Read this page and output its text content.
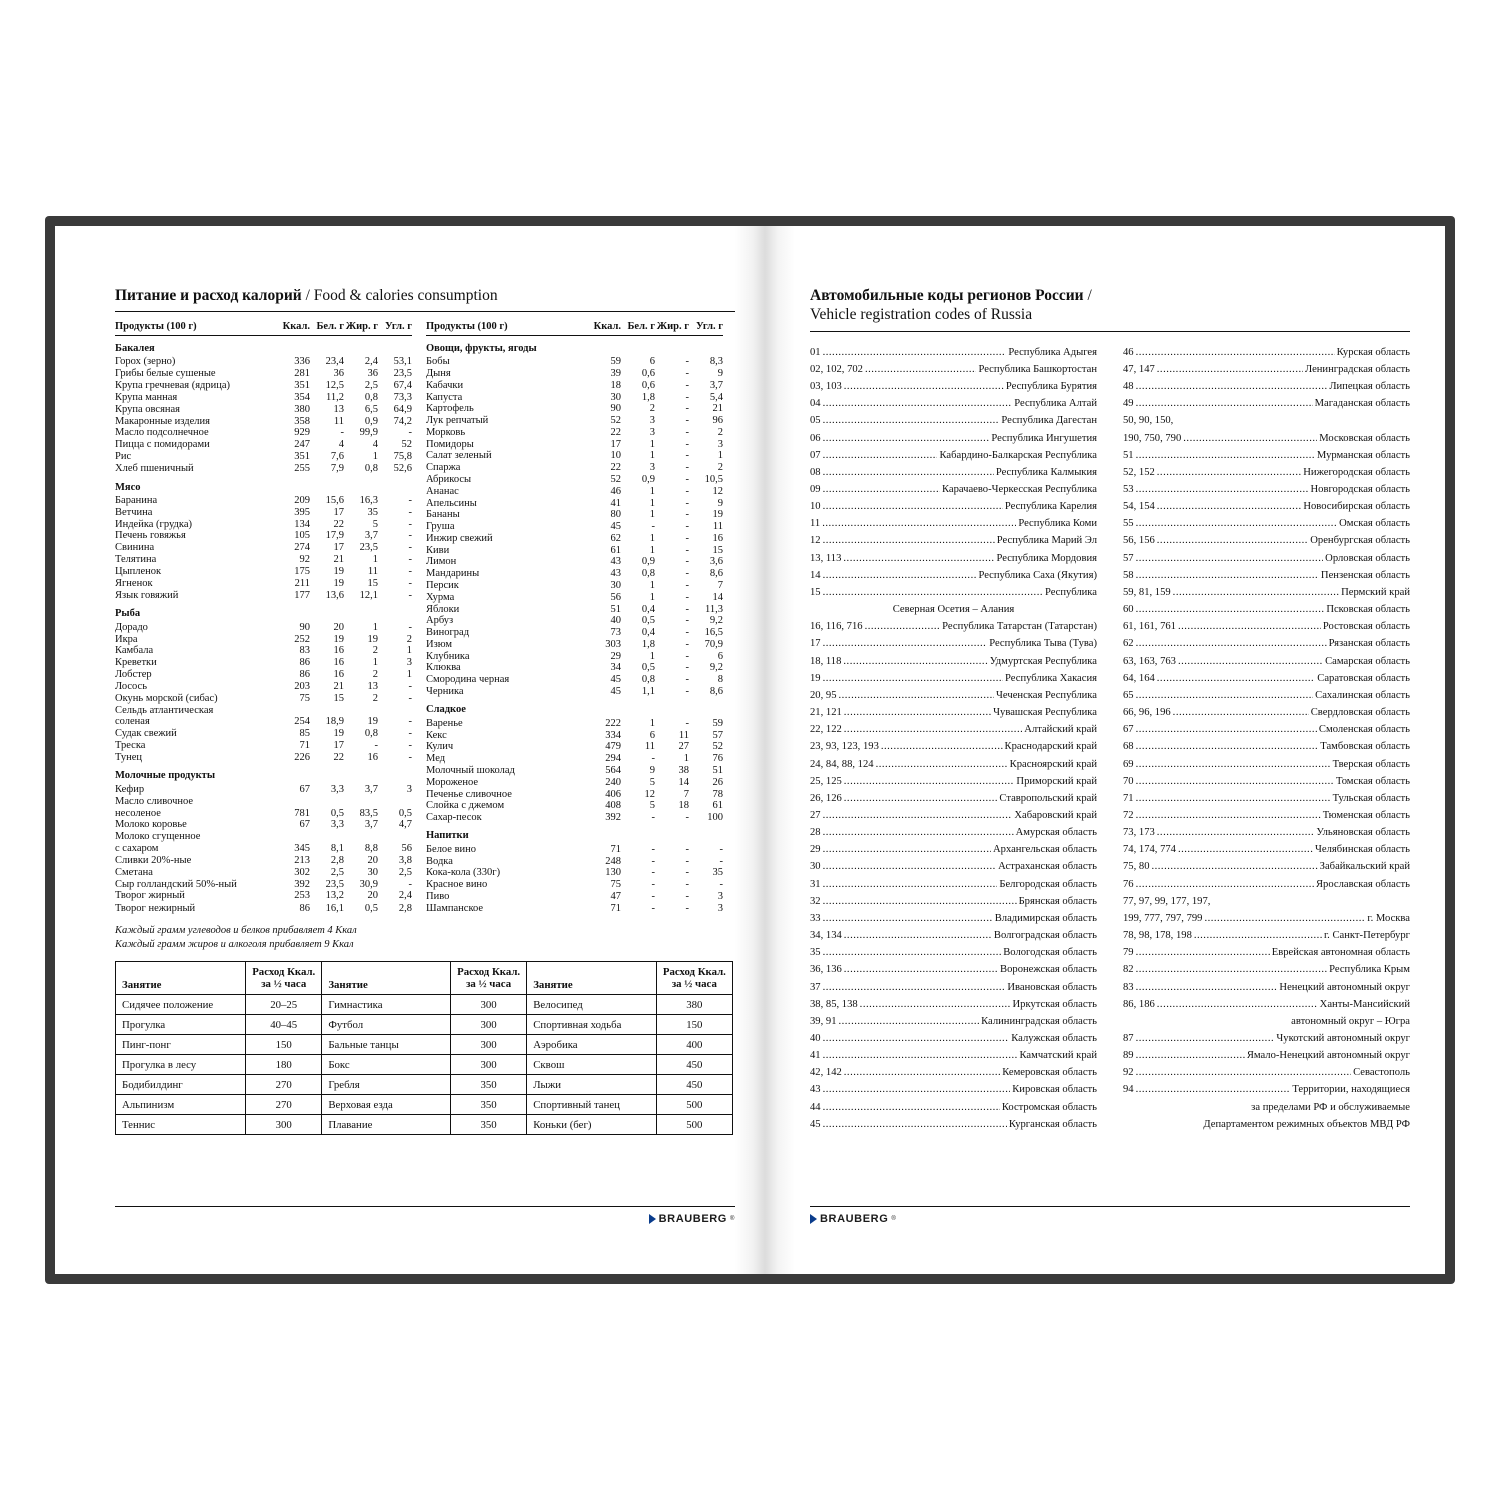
Питание и расход калорий / Food & calories consumption
Продукты (100 г)	Ккал.	Бел. г	Жир. г	Угл. г
Бакалея				
Горох (зерно)	336	23,4	2,4	53,1
Грибы белые сушеные	281	36	36	23,5
Крупа гречневая (ядрица)	351	12,5	2,5	67,4
Крупа манная	354	11,2	0,8	73,3
Крупа овсяная	380	13	6,5	64,9
Макаронные изделия	358	11	0,9	74,2
Масло подсолнечное	929	-	99,9	-
Пицца с помидорами	247	4	4	52
Рис	351	7,6	1	75,8
Хлеб пшеничный	255	7,9	0,8	52,6
Мясо				
Баранина	209	15,6	16,3	-
Ветчина	395	17	35	-
Индейка (грудка)	134	22	5	-
Печень говяжья	105	17,9	3,7	-
Свинина	274	17	23,5	-
Телятина	92	21	1	-
Цыпленок	175	19	11	-
Ягненок	211	19	15	-
Язык говяжий	177	13,6	12,1	-
Рыба				
Дорадо	90	20	1	-
Икра	252	19	19	2
Камбала	83	16	2	1
Креветки	86	16	1	3
Лобстер	86	16	2	1
Лосось	203	21	13	-
Окунь морской (сибас)	75	15	2	-
Сельдь атлантическая				
соленая	254	18,9	19	-
Судак свежий	85	19	0,8	-
Треска	71	17	-	-
Тунец	226	22	16	-
Молочные продукты				
Кефир	67	3,3	3,7	3
Масло сливочное				
несоленое	781	0,5	83,5	0,5
Молоко коровье	67	3,3	3,7	4,7
Молоко сгущенное				
с сахаром	345	8,1	8,8	56
Сливки 20%-ные	213	2,8	20	3,8
Сметана	302	2,5	30	2,5
Сыр голландский 50%-ный	392	23,5	30,9	-
Творог жирный	253	13,2	20	2,4
Творог нежирный	86	16,1	0,5	2,8
Продукты (100 г)	Ккал.	Бел. г	Жир. г	Угл. г
Овощи, фрукты, ягоды				
Бобы	59	6	-	8,3
Дыня	39	0,6	-	9
Кабачки	18	0,6	-	3,7
Капуста	30	1,8	-	5,4
Картофель	90	2	-	21
Лук репчатый	52	3	-	96
Морковь	22	3	-	2
Помидоры	17	1	-	3
Салат зеленый	10	1	-	1
Спаржа	22	3	-	2
Абрикосы	52	0,9	-	10,5
Ананас	46	1	-	12
Апельсины	41	1	-	9
Бананы	80	1	-	19
Груша	45	-	-	11
Инжир свежий	62	1	-	16
Киви	61	1	-	15
Лимон	43	0,9	-	3,6
Мандарины	43	0,8	-	8,6
Персик	30	1	-	7
Хурма	56	1	-	14
Яблоки	51	0,4	-	11,3
Арбуз	40	0,5	-	9,2
Виноград	73	0,4	-	16,5
Изюм	303	1,8	-	70,9
Клубника	29	1	-	6
Клюква	34	0,5	-	9,2
Смородина черная	45	0,8	-	8
Черника	45	1,1	-	8,6
Сладкое				
Варенье	222	1	-	59
Кекс	334	6	11	57
Кулич	479	11	27	52
Мед	294	-	1	76
Молочный шоколад	564	9	38	51
Мороженое	240	5	14	26
Печенье сливочное	406	12	7	78
Слойка с джемом	408	5	18	61
Сахар-песок	392	-	-	100
Напитки				
Белое вино	71	-	-	-
Водка	248	-	-	-
Кока-кола (330г)	130	-	-	35
Красное вино	75	-	-	-
Пиво	47	-	-	3
Шампанское	71	-	-	3
Каждый грамм углеводов и белков прибавляет 4 Ккал
Каждый грамм жиров и алкоголя прибавляет 9 Ккал
Занятие	Расход Ккал.
за ½ часа	Занятие	Расход Ккал.
за ½ часа	Занятие	Расход Ккал.
за ½ часа
Сидячее положение	20–25	Гимнастика	300	Велосипед	380
Прогулка	40–45	Футбол	300	Спортивная ходьба	150
Пинг-понг	150	Бальные танцы	300	Аэробика	400
Прогулка в лесу	180	Бокс	300	Сквош	450
Бодибилдинг	270	Гребля	350	Лыжи	450
Альпинизм	270	Верховая езда	350	Спортивный танец	500
Теннис	300	Плавание	350	Коньки (бег)	500
BRAUBERG ®
Автомобильные коды регионов России /
Vehicle registration codes of Russia
01 .....	Республика Адыгея
02, 102, 702 .....	Республика Башкортостан
03, 103 .....	Республика Бурятия
04 .....	Республика Алтай
05 .....	Республика Дагестан
06 .....	Республика Ингушетия
07 .....	Кабардино-Балкарская Республика
08 .....	Республика Калмыкия
09 .....	Карачаево-Черкесская Республика
10 .....	Республика Карелия
11 .....	Республика Коми
12 .....	Республика Марий Эл
13, 113 .....	Республика Мордовия
14 .....	Республика Саха (Якутия)
15 .....	Республика
Северная Осетия – Алания
16, 116, 716 .....	Республика Татарстан (Татарстан)
17 .....	Республика Тыва (Тува)
18, 118 .....	Удмуртская Республика
19 .....	Республика Хакасия
20, 95 .....	Чеченская Республика
21, 121 .....	Чувашская Республика
22, 122 .....	Алтайский край
23, 93, 123, 193 .....	Краснодарский край
24, 84, 88, 124 .....	Красноярский край
25, 125 .....	Приморский край
26, 126 .....	Ставропольский край
27 .....	Хабаровский край
28 .....	Амурская область
29 .....	Архангельская область
30 .....	Астраханская область
31 .....	Белгородская область
32 .....	Брянская область
33 .....	Владимирская область
34, 134 .....	Волгоградская область
35 .....	Вологодская область
36, 136 .....	Воронежская область
37 .....	Ивановская область
38, 85, 138 .....	Иркутская область
39, 91 .....	Калининградская область
40 .....	Калужская область
41 .....	Камчатский край
42, 142 .....	Кемеровская область
43 .....	Кировская область
44 .....	Костромская область
45 .....	Курганская область
46 .....	Курская область
47, 147 .....	Ленинградская область
48 .....	Липецкая область
49 .....	Магаданская область
50, 90, 150,
190, 750, 790 .....	Московская область
51 .....	Мурманская область
52, 152 .....	Нижегородская область
53 .....	Новгородская область
54, 154 .....	Новосибирская область
55 .....	Омская область
56, 156 .....	Оренбургская область
57 .....	Орловская область
58 .....	Пензенская область
59, 81, 159 .....	Пермский край
60 .....	Псковская область
61, 161, 761 .....	Ростовская область
62 .....	Рязанская область
63, 163, 763 .....	Самарская область
64, 164 .....	Саратовская область
65 .....	Сахалинская область
66, 96, 196 .....	Свердловская область
67 .....	Смоленская область
68 .....	Тамбовская область
69 .....	Тверская область
70 .....	Томская область
71 .....	Тульская область
72 .....	Тюменская область
73, 173 .....	Ульяновская область
74, 174, 774 .....	Челябинская область
75, 80 .....	Забайкальский край
76 .....	Ярославская область
77, 97, 99, 177, 197,
199, 777, 797, 799 .....	г. Москва
78, 98, 178, 198 .....	г. Санкт-Петербург
79 .....	Еврейская автономная область
82 .....	Республика Крым
83 .....	Ненецкий автономный округ
86, 186 .....	Ханты-Мансийский
автономный округ – Югра
87 .....	Чукотский автономный округ
89 .....	Ямало-Ненецкий автономный округ
92 .....	Севастополь
94 .....	Территории, находящиеся
за пределами РФ и обслуживаемые
Департаментом режимных объектов МВД РФ
BRAUBERG ®
